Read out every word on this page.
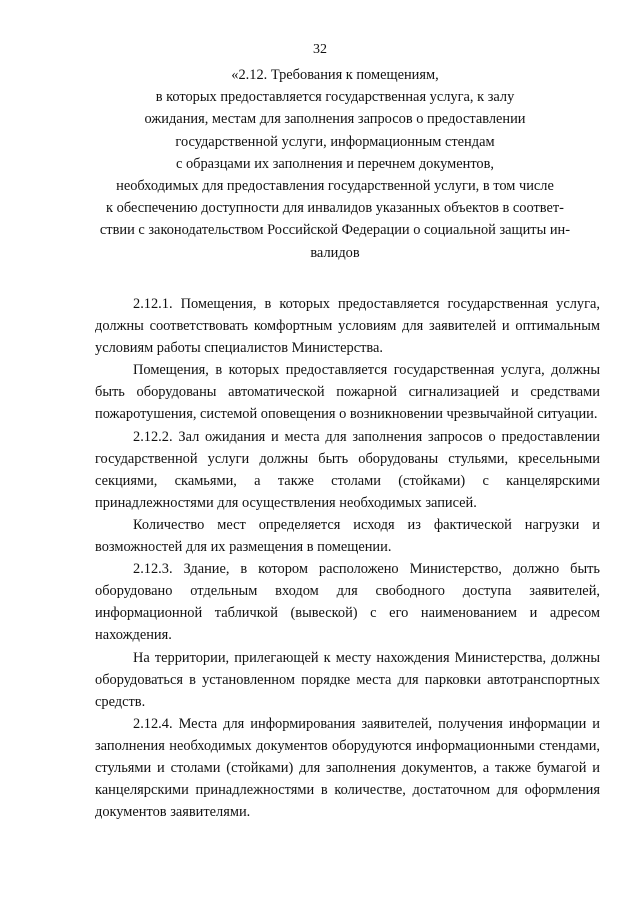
32
«2.12. Требования к помещениям,
в которых предоставляется государственная услуга, к залу
ожидания, местам для заполнения запросов о предоставлении
государственной услуги, информационным стендам
с образцами их заполнения и перечнем документов,
необходимых для предоставления государственной услуги, в том числе
к обеспечению доступности для инвалидов указанных объектов в соответ-
ствии с законодательством Российской Федерации о социальной защиты ин-
валидов

2.12.1. Помещения, в которых предоставляется государственная услуга, должны соответствовать комфортным условиям для заявителей и оптимальным условиям работы специалистов Министерства.

Помещения, в которых предоставляется государственная услуга, должны быть оборудованы автоматической пожарной сигнализацией и средствами пожаротушения, системой оповещения о возникновении чрезвычайной ситуации.

2.12.2. Зал ожидания и места для заполнения запросов о предоставлении государственной услуги должны быть оборудованы стульями, кресельными секциями, скамьями, а также столами (стойками) с канцелярскими принадлежностями для осуществления необходимых записей.

Количество мест определяется исходя из фактической нагрузки и возможностей для их размещения в помещении.

2.12.3. Здание, в котором расположено Министерство, должно быть оборудовано отдельным входом для свободного доступа заявителей, информационной табличкой (вывеской) с его наименованием и адресом нахождения.

На территории, прилегающей к месту нахождения Министерства, должны оборудоваться в установленном порядке места для парковки автотранспортных средств.

2.12.4. Места для информирования заявителей, получения информации и заполнения необходимых документов оборудуются информационными стендами, стульями и столами (стойками) для заполнения документов, а также бумагой и канцелярскими принадлежностями в количестве, достаточном для оформления документов заявителями.
